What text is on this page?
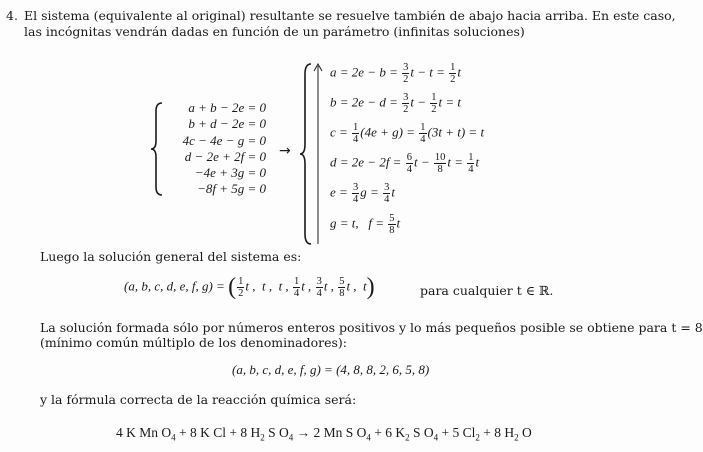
4. El sistema (equivalente al original) resultante se resuelve también de abajo hacia arriba. En este caso,
las incógnitas vendrán dadas en función de un parámetro (infinitas soluciones)
a + b − 2e = 0
b + d − 2e = 0
4c − 4e − g = 0
d − 2e + 2f = 0
−4e + 3g = 0
−8f + 5g = 0
→
$a = 2e - b = \frac{3}{2}$ $t - t = \frac{1}{2}$ t
$b = 2e - d = \frac{3}{2}$ $t - \frac{1}{2}$ t = t
$c = \frac{1}{4} (4e + g) = \frac{1}{4} (3t + t) = t$
$d = 2e - 2f = \frac{6}{4}$ $t - \frac{10}{8}$ $t = \frac{1}{4}$ t
$e = \frac{3}{4}$ $g = \frac{3}{4}$ t
g = t,   $f = \frac{5}{8}$ t
Luego la solución general del sistema es:
(a, b, c, d, e, f, g) = ( $\frac{1}{2}$ t ,  t ,  t , $\frac{1}{4}$ t , $\frac{3}{4}$ t , $\frac{5}{8}$ t ,  t)	para cualquier t ∈ ℝ.
La solución formada sólo por números enteros positivos y lo más pequeños posible se obtiene para t = 8
(mínimo común múltiplo de los denominadores):
(a, b, c, d, e, f, g) = (4, 8, 8, 2, 6, 5, 8)
y la fórmula correcta de la reacción química será:
4 K Mn $O_4 + 8$ K Cl + 8 $H_2$ S $O_4 \to 2$ Mn S $O_4 + 6$ $K_2$ S $O_4 + 5$ $Cl_2 + 8$ $H_2$ O
